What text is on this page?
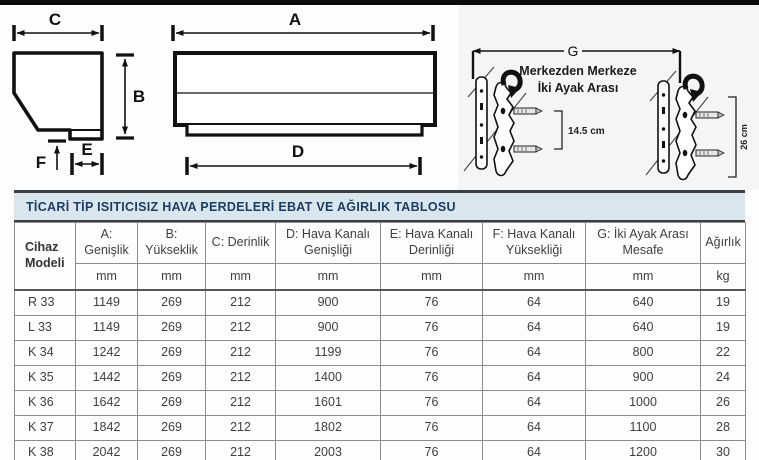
C
B
F
E
A
D
G
Merkezden Merkeze
İki Ayak Arası
14.5 cm	26 cm
TİCARİ TİP ISITICISIZ HAVA PERDELERİ EBAT VE AĞIRLIK TABLOSU
Cihaz Modeli	A: Genişlik	B: Yükseklik	C: Derinlik	D: Hava Kanalı Genişliği	E: Hava Kanalı Derinliği	F: Hava Kanalı Yüksekliği	G: İki Ayak Arası Mesafe	Ağırlık
	mm	mm	mm	mm	mm	mm	mm	kg
R 33	1149	269	212	900	76	64	640	19
L 33	1149	269	212	900	76	64	640	19
K 34	1242	269	212	1199	76	64	800	22
K 35	1442	269	212	1400	76	64	900	24
K 36	1642	269	212	1601	76	64	1000	26
K 37	1842	269	212	1802	76	64	1100	28
K 38	2042	269	212	2003	76	64	1200	30
